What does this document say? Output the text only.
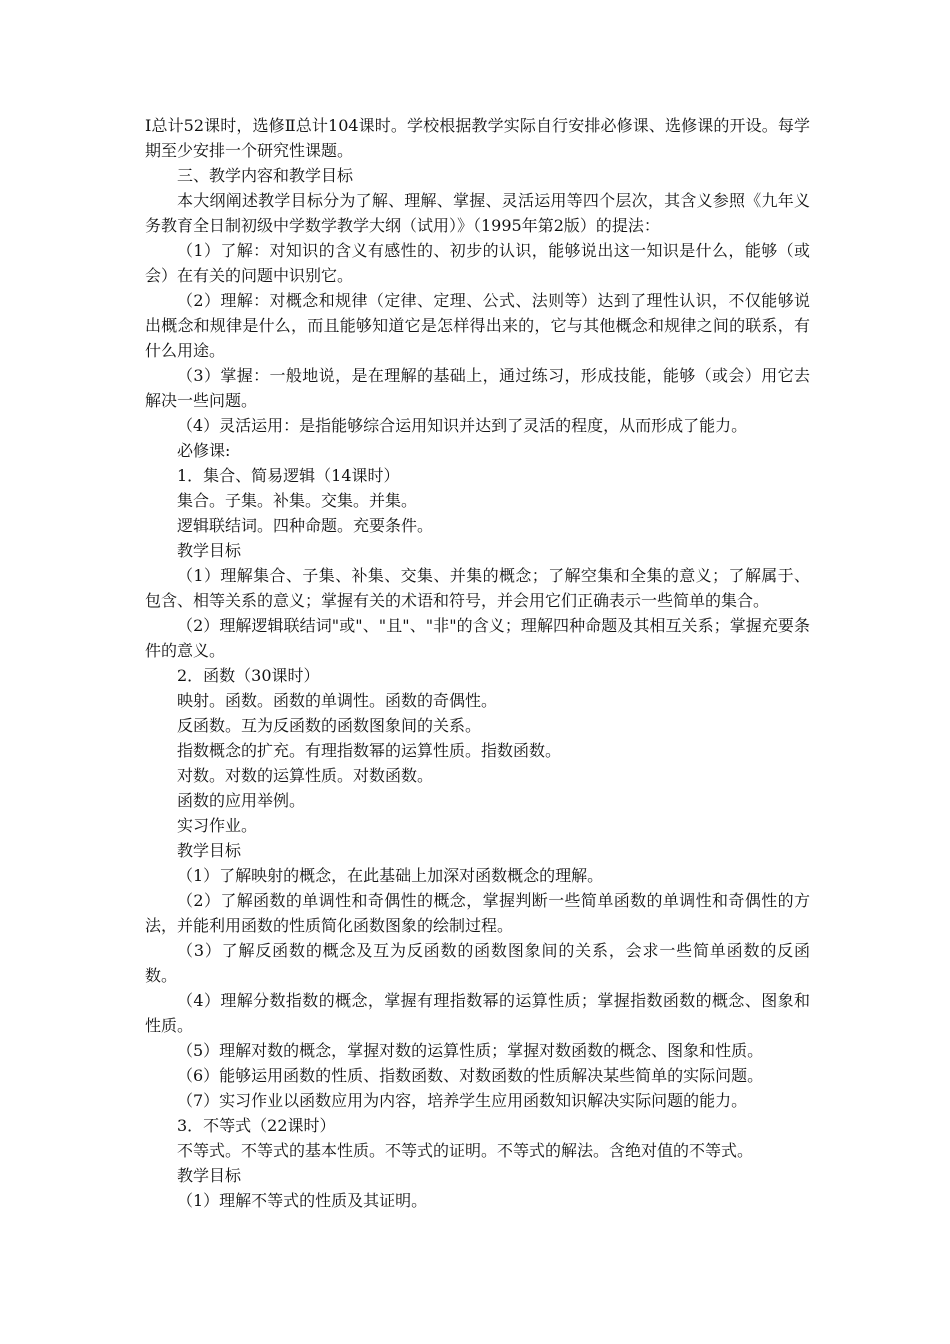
Ⅰ总计52课时，选修Ⅱ总计104课时。学校根据教学实际自行安排必修课、选修课的开设。每学期至少安排一个研究性课题。

三、教学内容和教学目标

本大纲阐述教学目标分为了解、理解、掌握、灵活运用等四个层次，其含义参照《九年义务教育全日制初级中学数学教学大纲（试用）》（1995年第2版）的提法：

（1）了解：对知识的含义有感性的、初步的认识，能够说出这一知识是什么，能够（或会）在有关的问题中识别它。

（2）理解：对概念和规律（定律、定理、公式、法则等）达到了理性认识，不仅能够说出概念和规律是什么，而且能够知道它是怎样得出来的，它与其他概念和规律之间的联系，有什么用途。

（3）掌握：一般地说，是在理解的基础上，通过练习，形成技能，能够（或会）用它去解决一些问题。

（4）灵活运用：是指能够综合运用知识并达到了灵活的程度，从而形成了能力。

必修课:

1．集合、简易逻辑（14课时）

集合。子集。补集。交集。并集。

逻辑联结词。四种命题。充要条件。

教学目标

（1）理解集合、子集、补集、交集、并集的概念；了解空集和全集的意义；了解属于、包含、相等关系的意义；掌握有关的术语和符号，并会用它们正确表示一些简单的集合。

（2）理解逻辑联结词"或"、"且"、"非"的含义；理解四种命题及其相互关系；掌握充要条件的意义。

2．函数（30课时）

映射。函数。函数的单调性。函数的奇偶性。

反函数。互为反函数的函数图象间的关系。

指数概念的扩充。有理指数幂的运算性质。指数函数。

对数。对数的运算性质。对数函数。

函数的应用举例。

实习作业。

教学目标

（1）了解映射的概念，在此基础上加深对函数概念的理解。

（2）了解函数的单调性和奇偶性的概念，掌握判断一些简单函数的单调性和奇偶性的方法，并能利用函数的性质简化函数图象的绘制过程。

（3）了解反函数的概念及互为反函数的函数图象间的关系，会求一些简单函数的反函数。

（4）理解分数指数的概念，掌握有理指数幂的运算性质；掌握指数函数的概念、图象和性质。

（5）理解对数的概念，掌握对数的运算性质；掌握对数函数的概念、图象和性质。

（6）能够运用函数的性质、指数函数、对数函数的性质解决某些简单的实际问题。

（7）实习作业以函数应用为内容，培养学生应用函数知识解决实际问题的能力。

3．不等式（22课时）

不等式。不等式的基本性质。不等式的证明。不等式的解法。含绝对值的不等式。

教学目标

（1）理解不等式的性质及其证明。
